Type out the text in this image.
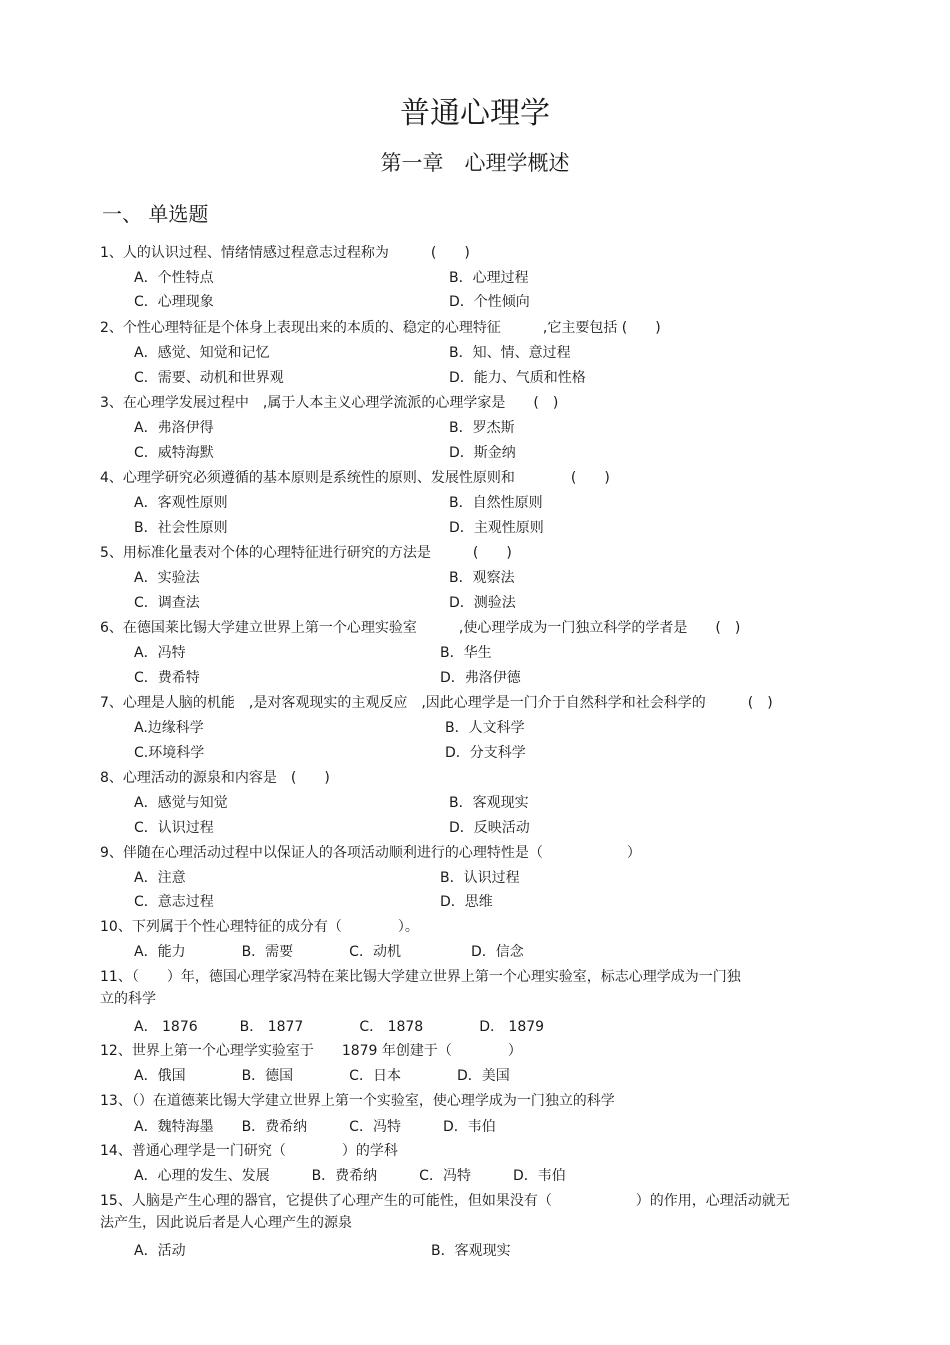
普通心理学
第一章　心理学概述
一、 单选题
1、人的认识过程、情绪情感过程意志过程称为　　　(　　)
A．个性特点	B．心理过程
C．心理现象	D．个性倾向
2、个性心理特征是个体身上表现出来的本质的、稳定的心理特征　　　,它主要包括 (　　)
A．感觉、知觉和记忆	B．知、情、意过程
C．需要、动机和世界观	D．能力、气质和性格
3、在心理学发展过程中　,属于人本主义心理学流派的心理学家是　　(　)
A．弗洛伊得	B．罗杰斯
C．威特海默	D．斯金纳
4、心理学研究必须遵循的基本原则是系统性的原则、发展性原则和　　　　(　　)
A．客观性原则	B．自然性原则
B．社会性原则	D．主观性原则
5、用标准化量表对个体的心理特征进行研究的方法是　　　(　　)
A．实验法	B．观察法
C．调查法	D．测验法
6、在德国莱比锡大学建立世界上第一个心理实验室　　　,使心理学成为一门独立科学的学者是　　(　)
A．冯特	B．华生
C．费希特	D．弗洛伊德
7、心理是人脑的机能　,是对客观现实的主观反应　,因此心理学是一门介于自然科学和社会科学的　　　(　)
A.边缘科学	B．人文科学
C.环境科学	D．分支科学
8、心理活动的源泉和内容是　(　　)
A．感觉与知觉	B．客观现实
C．认识过程	D．反映活动
9、伴随在心理活动过程中以保证人的各项活动顺利进行的心理特性是（　　　　　　）
A．注意	B．认识过程
C．意志过程	D．思维
10、下列属于个性心理特征的成分有（　　　　）。
A．能力　　　　B．需要　　　　C．动机　　　　　D．信念
11、（　　）年，德国心理学家冯特在莱比锡大学建立世界上第一个心理实验室，标志心理学成为一门独
立的科学
A． 1876　　　B． 1877　　　　C． 1878　　　　D． 1879
12、世界上第一个心理学实验室于　　1879 年创建于（　　　　）
A．俄国　　　　B．德国　　　　C．日本　　　　D．美国
13、（）在道德莱比锡大学建立世界上第一个实验室，使心理学成为一门独立的科学
A．魏特海墨　　B．费希纳　　　C．冯特　　　D．韦伯
14、普通心理学是一门研究（　　　　）的学科
A．心理的发生、发展　　　B．费希纳　　　C．冯特　　　D．韦伯
15、人脑是产生心理的器官，它提供了心理产生的可能性，但如果没有（　　　　　　）的作用，心理活动就无
法产生，因此说后者是人心理产生的源泉
A．活动	B．客观现实
